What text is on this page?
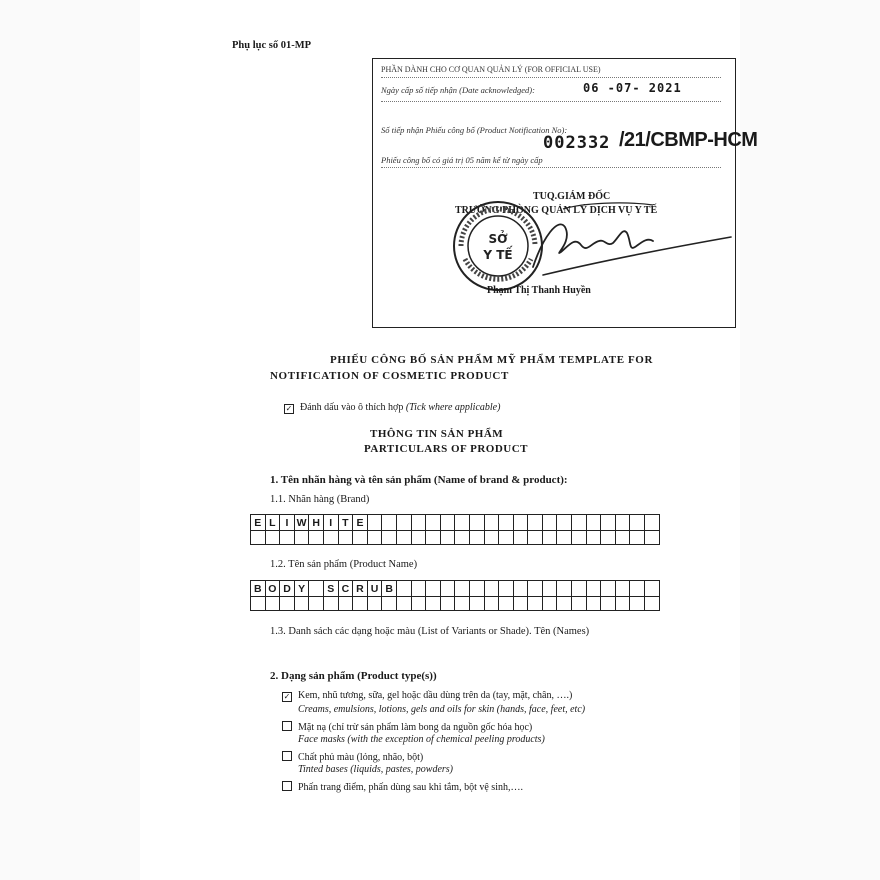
Phụ lục số 01-MP
PHẦN DÀNH CHO CƠ QUAN QUẢN LÝ (FOR OFFICIAL USE)
Ngày cấp số tiếp nhận (Date acknowledged):	06 -07- 2021
Số tiếp nhận Phiếu công bố (Product Notification No):
002332 /21/CBMP-HCM
Phiếu công bố có giá trị 05 năm kể từ ngày cấp
TUQ.GIÁM ĐỐC
TRƯỞNG PHÒNG QUẢN LÝ DỊCH VỤ Y TẾ
SỞ
Y TẾ
Phạm Thị Thanh Huyền
PHIẾU CÔNG BỐ SẢN PHẨM MỸ PHẨM TEMPLATE FOR
NOTIFICATION OF COSMETIC PRODUCT
✓ Đánh dấu vào ô thích hợp (Tick where applicable)
THÔNG TIN SẢN PHẨM
PARTICULARS OF PRODUCT
1. Tên nhãn hàng và tên sản phẩm (Name of brand & product):
1.1. Nhãn hàng (Brand)
E L I W H I T E
1.2. Tên sản phẩm (Product Name)
B O D Y	S C R U B
1.3. Danh sách các dạng hoặc màu (List of Variants or Shade). Tên (Names)
2. Dạng sản phẩm (Product type(s))
✓ Kem, nhũ tương, sữa, gel hoặc dầu dùng trên da (tay, mặt, chân, ….)
Creams, emulsions, lotions, gels and oils for skin (hands, face, feet, etc)
Mặt nạ (chỉ trừ sản phẩm làm bong da nguồn gốc hóa học)
Face masks (with the exception of chemical peeling products)
Chất phủ màu (lỏng, nhão, bột)
Tinted bases (liquids, pastes, powders)
Phấn trang điểm, phấn dùng sau khi tắm, bột vệ sinh,….
